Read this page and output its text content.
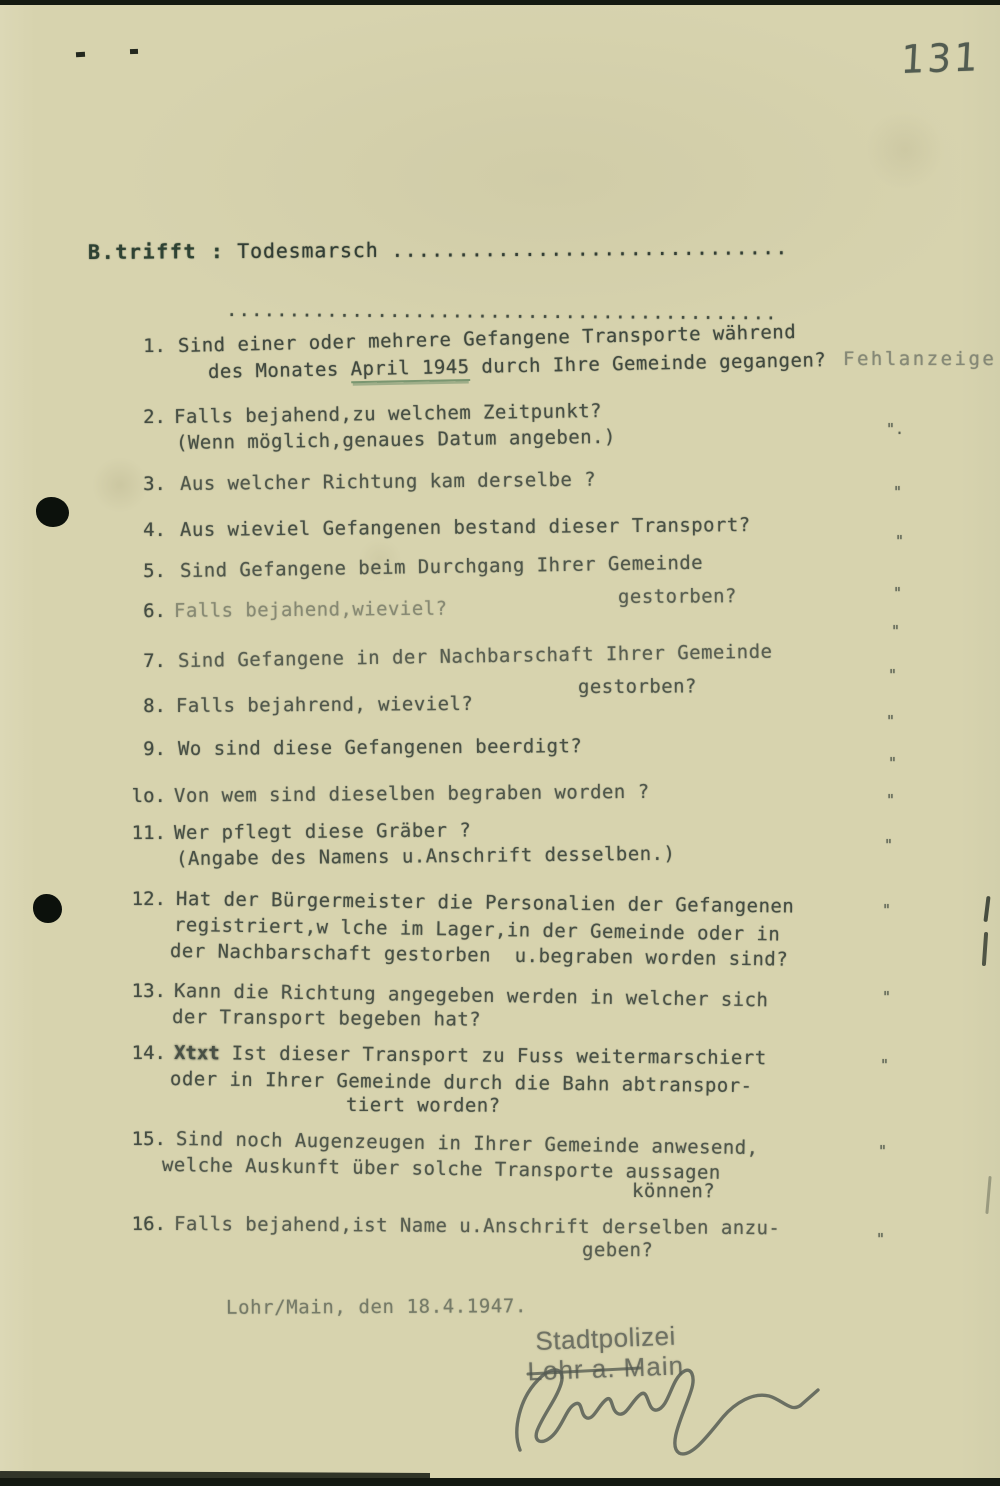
131
B.trifft : Todesmarsch ..............................
............................................
1. Sind einer oder mehrere Gefangene Transporte während
des Monates April 1945 durch Ihre Gemeinde gegangen?
2. Falls bejahend,zu welchem Zeitpunkt?
(Wenn möglich,genaues Datum angeben.)
3. Aus welcher Richtung kam derselbe ?
4. Aus wieviel Gefangenen bestand dieser Transport?
5. Sind Gefangene beim Durchgang Ihrer Gemeinde
gestorben?
6. Falls bejahend,wieviel?
7. Sind Gefangene in der Nachbarschaft Ihrer Gemeinde
gestorben?
8. Falls bejahrend, wieviel?
9. Wo sind diese Gefangenen beerdigt?
lo. Von wem sind dieselben begraben worden ?
11. Wer pflegt diese Gräber ?
(Angabe des Namens u.Anschrift desselben.)
12. Hat der Bürgermeister die Personalien der Gefangenen
registriert,w lche im Lager,in der Gemeinde oder in
der Nachbarschaft gestorben  u.begraben worden sind?
13. Kann die Richtung angegeben werden in welcher sich
der Transport begeben hat?
14. Xtxt Ist dieser Transport zu Fuss weitermarschiert
oder in Ihrer Gemeinde durch die Bahn abtranspor-
tiert worden?
15. Sind noch Augenzeugen in Ihrer Gemeinde anwesend,
welche Auskunft über solche Transporte aussagen
können?
16. Falls bejahend,ist Name u.Anschrift derselben anzu-
geben?
Lohr/Main, den 18.4.1947.
Stadtpolizei
Lohr a. Main
Fehlanzeige
".
"
"
"
"
"
"
"
"
"
"
"
"
"
"
